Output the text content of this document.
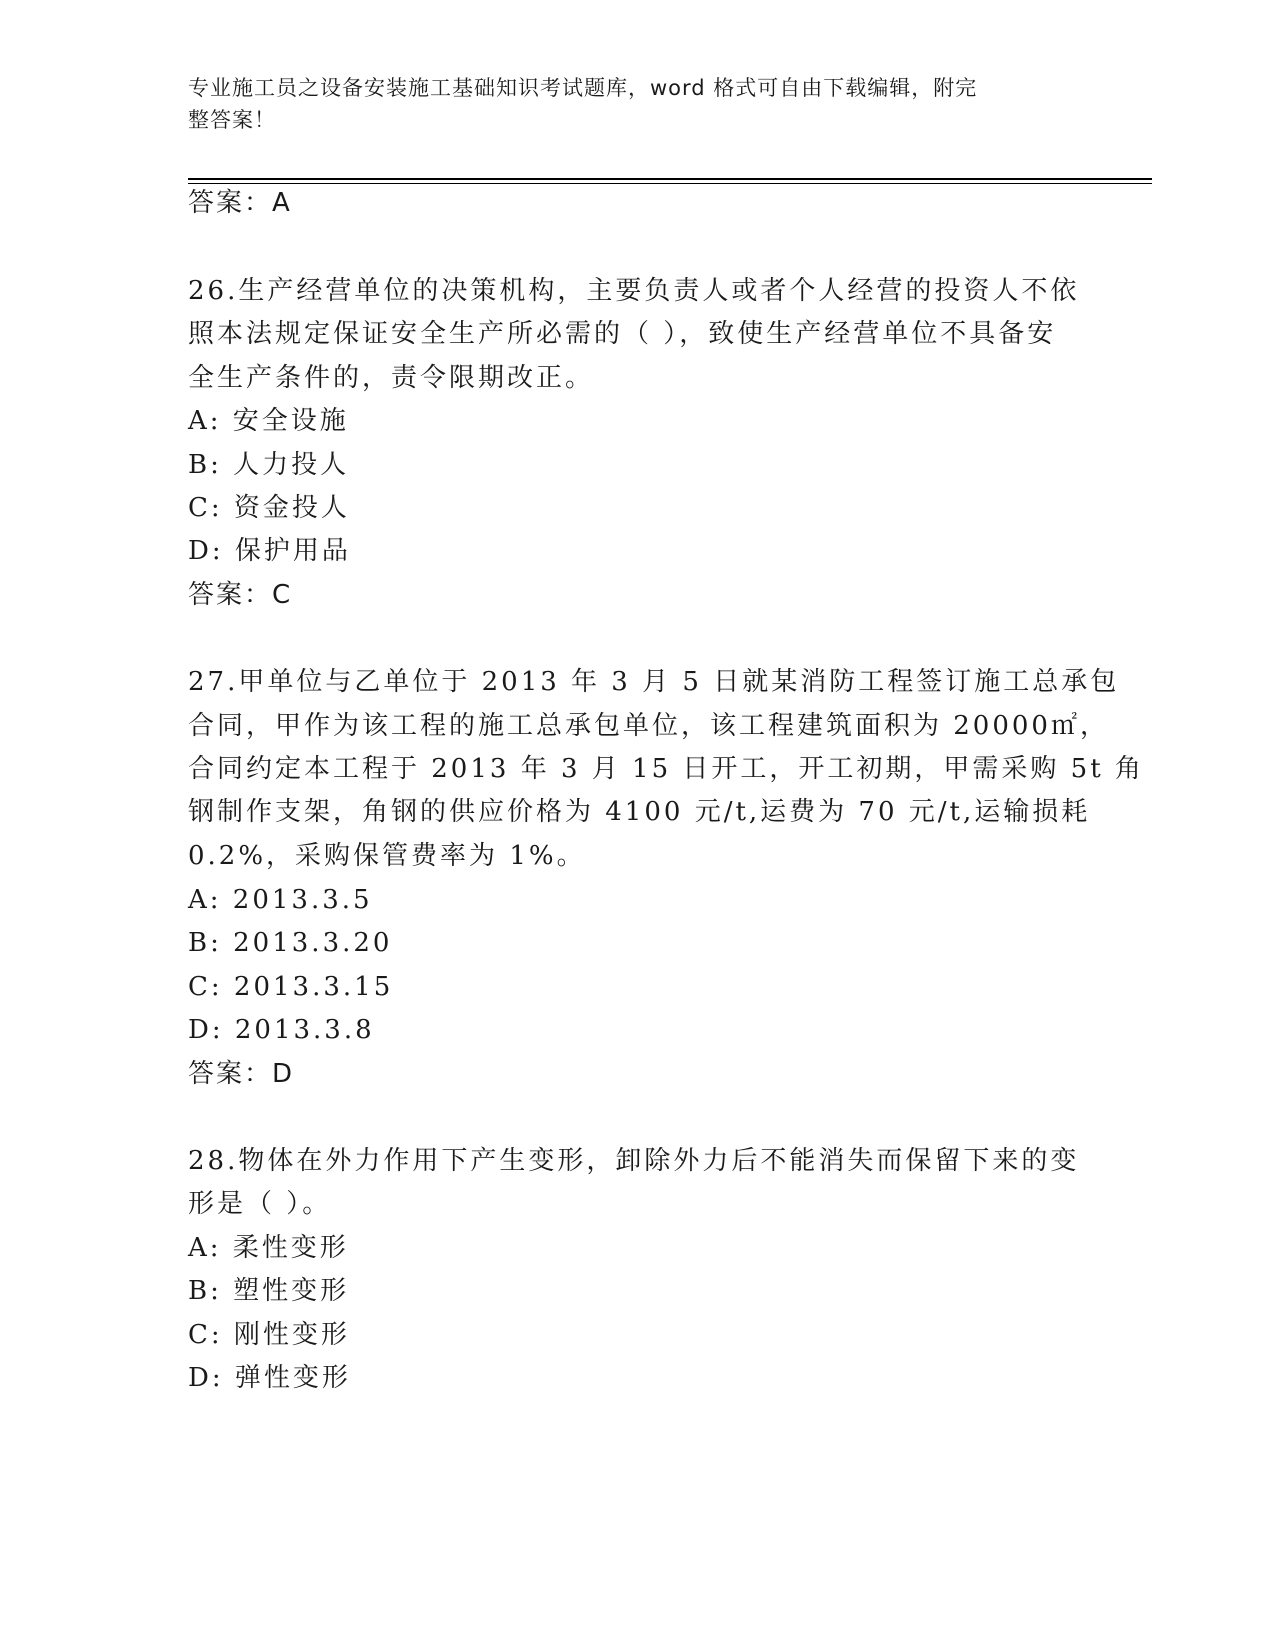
专业施工员之设备安装施工基础知识考试题库，word 格式可自由下载编辑，附完
整答案！
答案：A
26.生产经营单位的决策机构，主要负责人或者个人经营的投资人不依
照本法规定保证安全生产所必需的（ ），致使生产经营单位不具备安
全生产条件的，责令限期改正。
A: 安全设施
B: 人力投人
C: 资金投人
D: 保护用品
答案：C
27.甲单位与乙单位于 2013 年 3 月 5 日就某消防工程签订施工总承包
合同，甲作为该工程的施工总承包单位，该工程建筑面积为 20000㎡，
合同约定本工程于 2013 年 3 月 15 日开工，开工初期，甲需采购 5t 角
钢制作支架，角钢的供应价格为 4100 元/t,运费为 70 元/t,运输损耗
0.2%，采购保管费率为 1%。
A: 2013.3.5
B: 2013.3.20
C: 2013.3.15
D: 2013.3.8
答案：D
28.物体在外力作用下产生变形，卸除外力后不能消失而保留下来的变
形是（ ）。
A: 柔性变形
B: 塑性变形
C: 刚性变形
D: 弹性变形
